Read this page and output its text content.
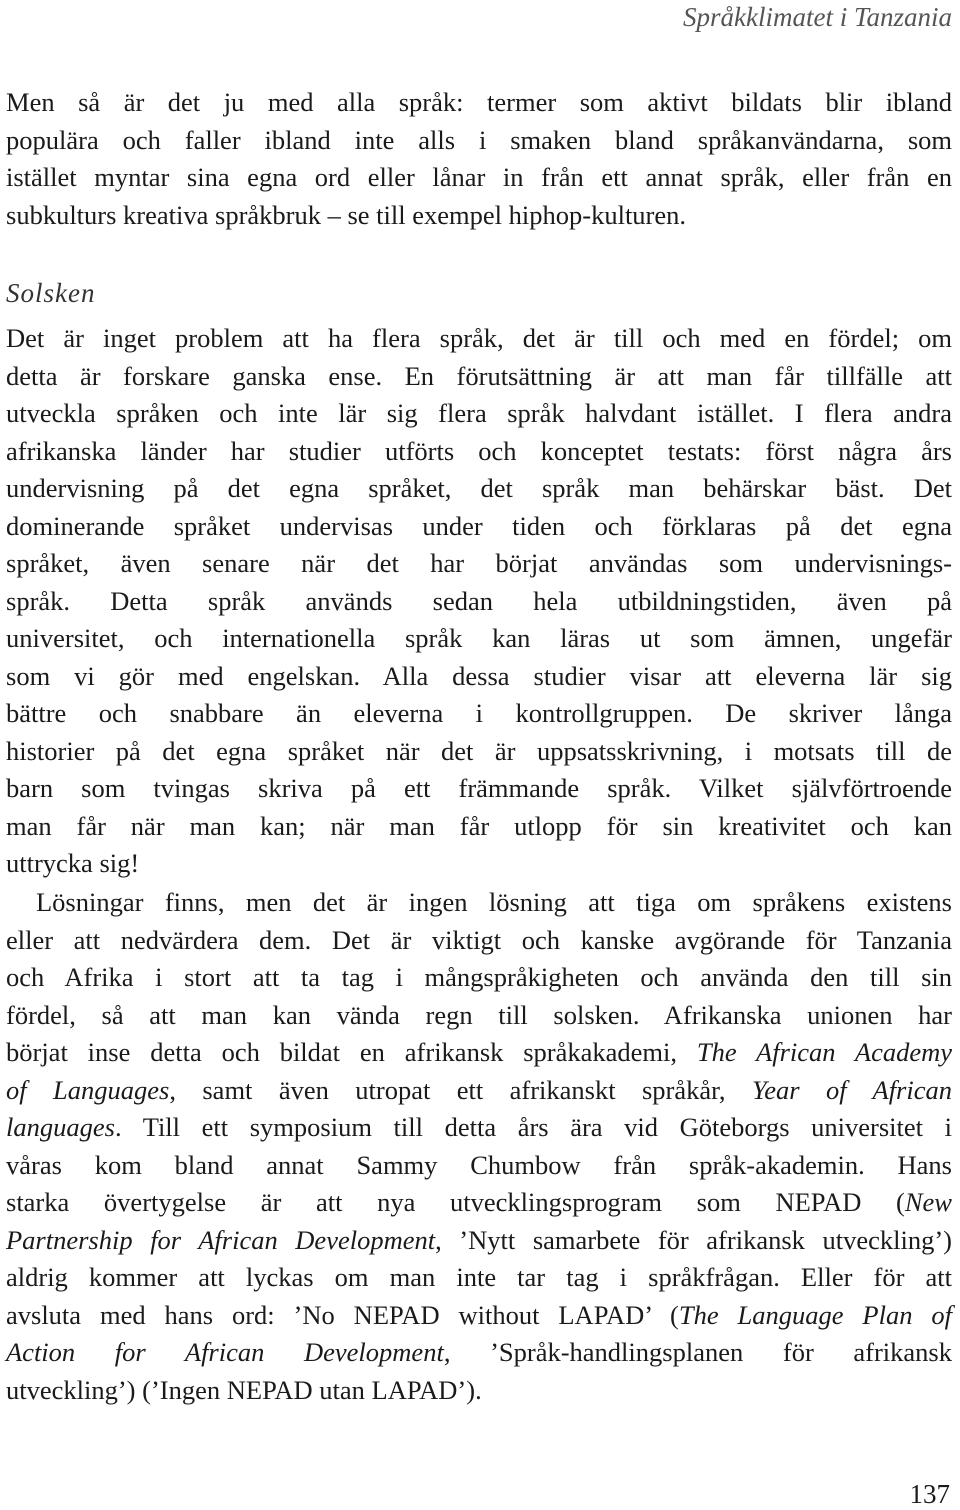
Språkklimatet i Tanzania
Men så är det ju med alla språk: termer som aktivt bildats blir ibland
populära och faller ibland inte alls i smaken bland språkanvändarna, som
istället myntar sina egna ord eller lånar in från ett annat språk, eller från en
subkulturs kreativa språkbruk – se till exempel hiphop-kulturen.
Solsken
Det är inget problem att ha flera språk, det är till och med en fördel; om
detta är forskare ganska ense. En förutsättning är att man får tillfälle att
utveckla språken och inte lär sig flera språk halvdant istället. I flera andra
afrikanska länder har studier utförts och konceptet testats: först några års
undervisning på det egna språket, det språk man behärskar bäst. Det
dominerande språket undervisas under tiden och förklaras på det egna
språket, även senare när det har börjat användas som undervisnings-
språk. Detta språk används sedan hela utbildningstiden, även på
universitet, och internationella språk kan läras ut som ämnen, ungefär
som vi gör med engelskan. Alla dessa studier visar att eleverna lär sig
bättre och snabbare än eleverna i kontrollgruppen. De skriver långa
historier på det egna språket när det är uppsatsskrivning, i motsats till de
barn som tvingas skriva på ett främmande språk. Vilket självförtroende
man får när man kan; när man får utlopp för sin kreativitet och kan
uttrycka sig!
Lösningar finns, men det är ingen lösning att tiga om språkens existens
eller att nedvärdera dem. Det är viktigt och kanske avgörande för Tanzania
och Afrika i stort att ta tag i mångspråkigheten och använda den till sin
fördel, så att man kan vända regn till solsken. Afrikanska unionen har
börjat inse detta och bildat en afrikansk språkakademi, The African Academy
of Languages, samt även utropat ett afrikanskt språkår, Year of African
languages. Till ett symposium till detta års ära vid Göteborgs universitet i
våras kom bland annat Sammy Chumbow från språk-akademin. Hans
starka övertygelse är att nya utvecklingsprogram som NEPAD (New
Partnership for African Development, ’Nytt samarbete för afrikansk utveckling’)
aldrig kommer att lyckas om man inte tar tag i språkfrågan. Eller för att
avsluta med hans ord: ’No NEPAD without LAPAD’ (The Language Plan of
Action for African Development, ’Språk-handlingsplanen för afrikansk
utveckling’) (’Ingen NEPAD utan LAPAD’).
137
